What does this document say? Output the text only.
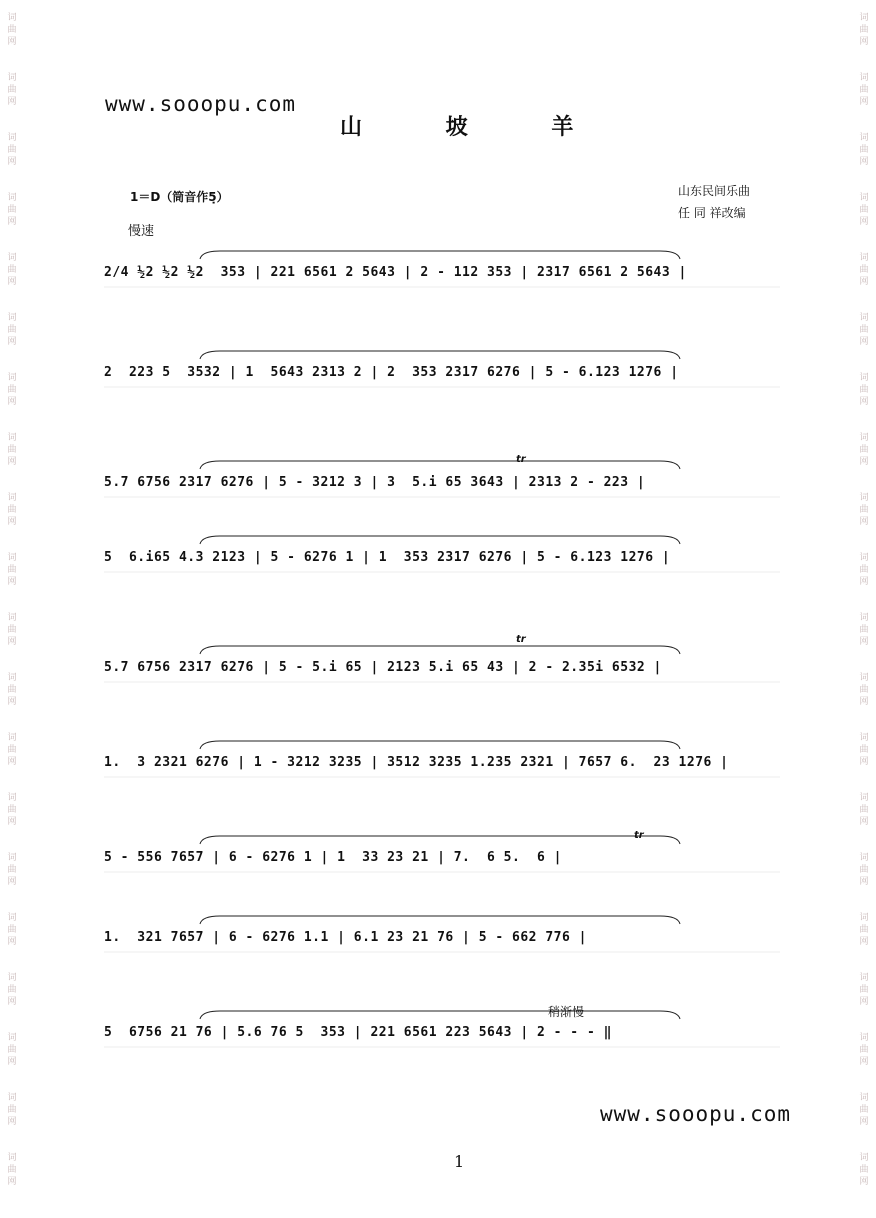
词
曲
网
词
曲
网
词
曲
网
词
曲
网
词
曲
网
词
曲
网
词
曲
网
词
曲
网
词
曲
网
词
曲
网
词
曲
网
词
曲
网
词
曲
网
词
曲
网
词
曲
网
词
曲
网
词
曲
网
词
曲
网
词
曲
网
词
曲
网
词
曲
网
词
曲
网
词
曲
网
词
曲
网
词
曲
网
词
曲
网
词
曲
网
词
曲
网
词
曲
网
词
曲
网
词
曲
网
词
曲
网
词
曲
网
词
曲
网
词
曲
网
词
曲
网
词
曲
网
词
曲
网
词
曲
网
词
曲
网
www.sooopu.com
山 坡 羊
1＝D（筒音作5̣）	山东民间乐曲
任 同 祥改编
慢速
2/4 ½2 ½2 ½2  353 | 221 6561 2 5643 | 2 - 112 353 | 2317 6561 2 5643 |
2  223 5  3532 | 1  5643 2313 2 | 2  353 2317 6276 | 5 - 6.123 1276 |
5.7 6756 2317 6276 | 5 - 3212 3 | 3  5.i 65 3643 | 2313 2 - 223 |
5  6.i65 4.3 2123 | 5 - 6276 1 | 1  353 2317 6276 | 5 - 6.123 1276 |
5.7 6756 2317 6276 | 5 - 5.i 65 | 2123 5.i 65 43 | 2 - 2.35i 6532 |
1.  3 2321 6276 | 1 - 3212 3235 | 3512 3235 1.235 2321 | 7657 6.  23 1276 |
5 - 556 7657 | 6 - 6276 1 | 1  33 23 21 | 7.  6 5.  6 |
1.  321 7657 | 6 - 6276 1.1 | 6.1 23 21 76 | 5 - 662 776 |
5  6756 21 76 | 5.6 76 5  353 | 221 6561 223 5643 | 2 - - - ‖
tr
tr
tr
稍渐慢
www.sooopu.com
1
